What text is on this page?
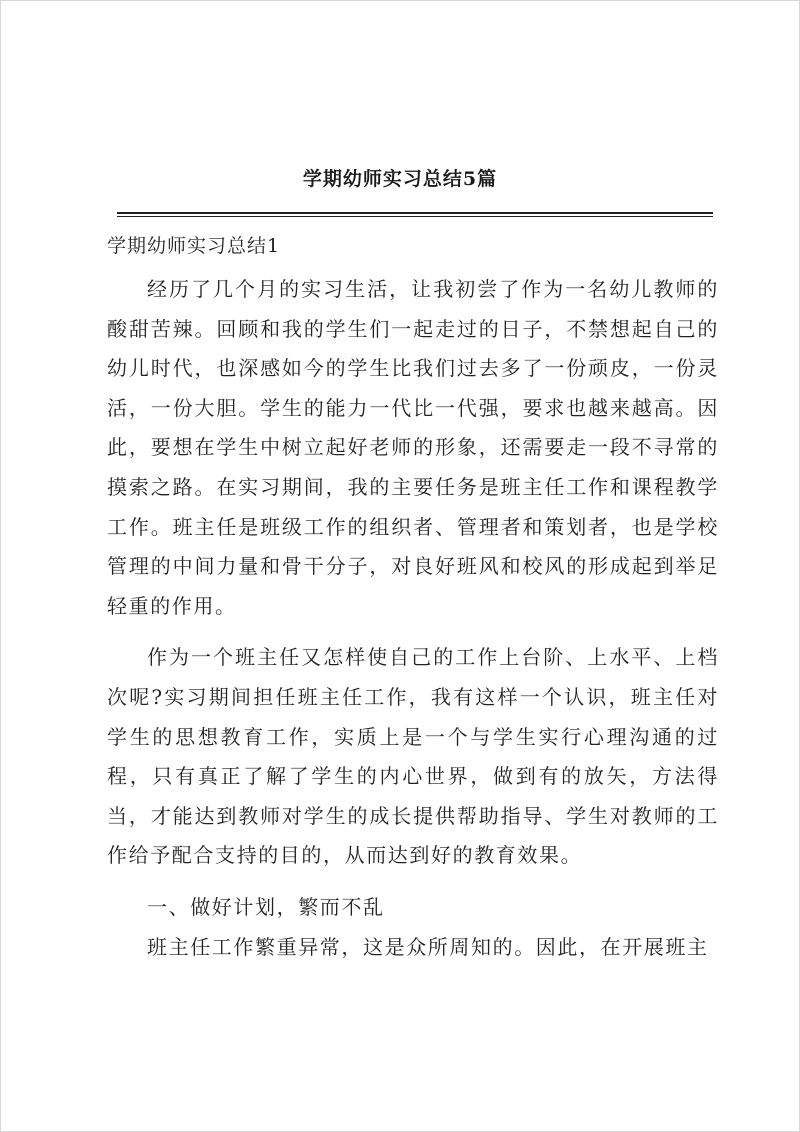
学期幼师实习总结5篇

学期幼师实习总结1

经历了几个月的实习生活，让我初尝了作为一名幼儿教师的酸甜苦辣。回顾和我的学生们一起走过的日子，不禁想起自己的幼儿时代，也深感如今的学生比我们过去多了一份顽皮，一份灵活，一份大胆。学生的能力一代比一代强，要求也越来越高。因此，要想在学生中树立起好老师的形象，还需要走一段不寻常的摸索之路。在实习期间，我的主要任务是班主任工作和课程教学工作。班主任是班级工作的组织者、管理者和策划者，也是学校管理的中间力量和骨干分子，对良好班风和校风的形成起到举足轻重的作用。

作为一个班主任又怎样使自己的工作上台阶、上水平、上档次呢?实习期间担任班主任工作，我有这样一个认识，班主任对学生的思想教育工作，实质上是一个与学生实行心理沟通的过程，只有真正了解了学生的内心世界，做到有的放矢，方法得当，才能达到教师对学生的成长提供帮助指导、学生对教师的工作给予配合支持的目的，从而达到好的教育效果。

一、做好计划，繁而不乱

班主任工作繁重异常，这是众所周知的。因此，在开展班主
